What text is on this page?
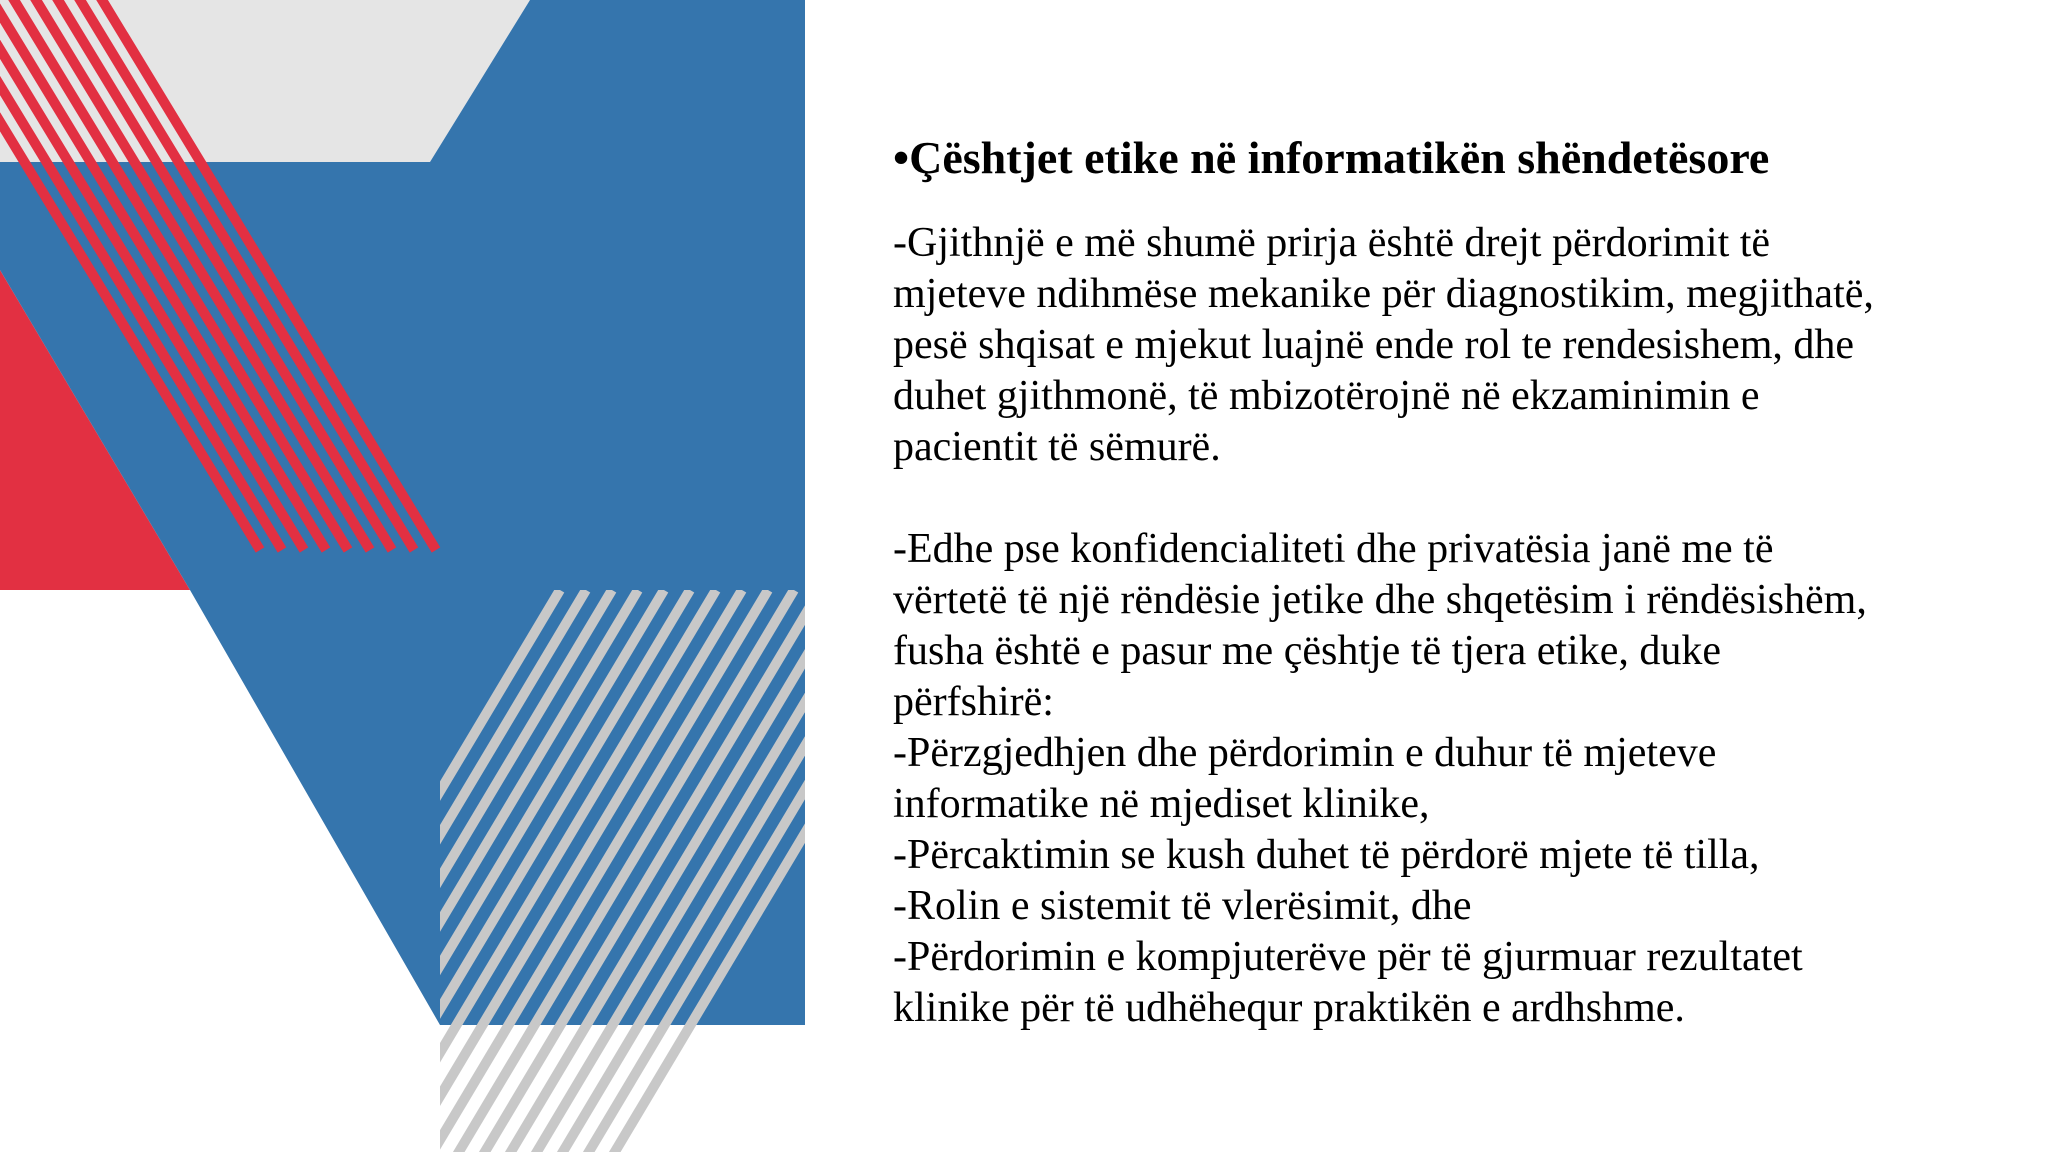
•Çështjet etike në informatikën shëndetësore

-Gjithnjë e më shumë prirja është drejt përdorimit të

mjeteve ndihmëse mekanike për diagnostikim, megjithatë,

pesë shqisat e mjekut luajnë ende rol te rendesishem, dhe

duhet gjithmonë, të mbizotërojnë në ekzaminimin e

pacientit të sëmurë.

-Edhe pse konfidencialiteti dhe privatësia janë me të

vërtetë të një rëndësie jetike dhe shqetësim i rëndësishëm,

fusha është e pasur me çështje të tjera etike, duke

përfshirë:

-Përzgjedhjen dhe përdorimin e duhur të mjeteve

informatike në mjediset klinike,

-Përcaktimin se kush duhet të përdorë mjete të tilla,

-Rolin e sistemit të vlerësimit, dhe

-Përdorimin e kompjuterëve për të gjurmuar rezultatet

klinike për të udhëhequr praktikën e ardhshme.
